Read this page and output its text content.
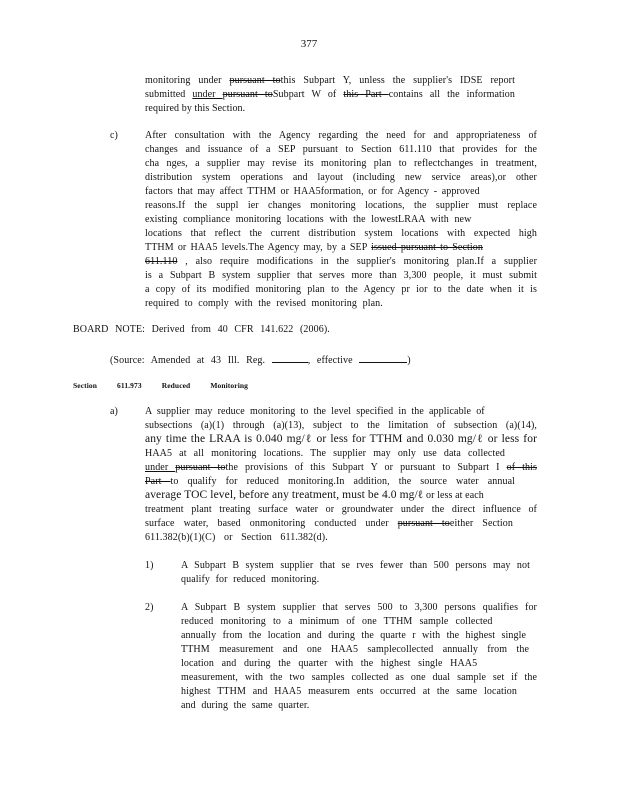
377
monitoring under pursuant tothis Subpart Y, unless the supplier's IDSE report
submitted under pursuant toSubpart W of this Part contains all the information
required by this Section.
c)	After consultation with the Agency regarding the need for and appropriateness of
changes and issuance of a SEP pursuant to Section 611.110 that provides for the
cha nges, a supplier may revise its monitoring plan to reflectchanges in treatment,
distribution system operations and layout (including new service areas),or other
factors that may affect TTHM or HAA5formation, or for Agency - approved
reasons.If the suppl ier changes monitoring locations, the supplier must replace
existing compliance monitoring locations with the lowestLRAA with new
locations that reflect the current distribution system locations with expected high
TTHM or HAA5 levels.The Agency may, by a SEP issued pursuant to Section
611.110 , also require modifications in the supplier's monitoring plan.If a supplier
is a Subpart B system supplier that serves more than 3,300 people, it must submit
a copy of its modified monitoring plan to the Agency pr ior to the date when it is
required to comply with the revised monitoring plan.
BOARD NOTE: Derived from 40 CFR 141.622 (2006).
(Source: Amended at 43 Ill. Reg.	, effective	)
Section	611.973	Reduced	Monitoring
a)	A supplier may reduce monitoring to the level specified in the applicable of
subsections (a)(1) through (a)(13), subject to the limitation of subsection (a)(14),
any time the LRAA is 0.040 mg/ℓ or less for TTHM and 0.030 mg/ℓ or less for
HAA5 at all monitoring locations. The supplier may only use data collected
under pursuant tothe provisions of this Subpart Y or pursuant to Subpart I of this
Part to qualify for reduced monitoring.In addition, the source water annual
average TOC level, before any treatment, must be 4.0 mg/ℓ or less at each
treatment plant treating surface water or groundwater under the direct influence of
surface water, based onmonitoring conducted under pursuant toeither Section
611.382(b)(1)(C) or Section 611.382(d).
1)	A Subpart B system supplier that se rves fewer than 500 persons may not
qualify for reduced monitoring.
2)	A Subpart B system supplier that serves 500 to 3,300 persons qualifies for
reduced monitoring to a minimum of one TTHM sample collected
annually from the location and during the quarte r with the highest single
TTHM measurement and one HAA5 samplecollected annually from the
location and during the quarter with the highest single HAA5
measurement, with the two samples collected as one dual sample set if the
highest TTHM and HAA5 measurem ents occurred at the same location
and during the same quarter.
